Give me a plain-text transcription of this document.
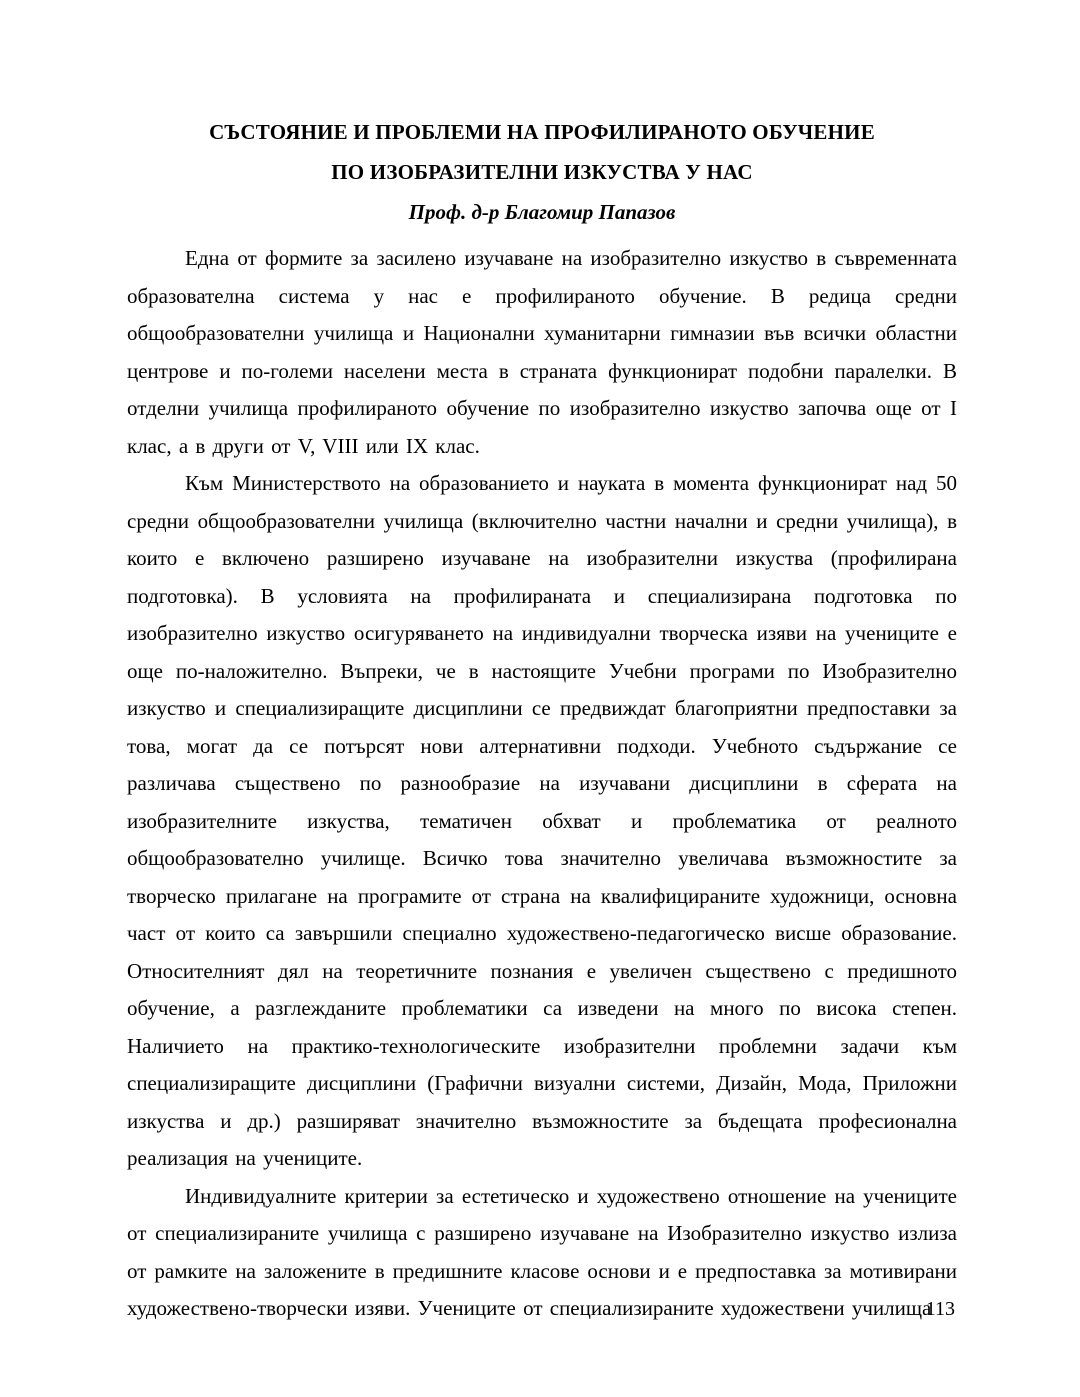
СЪСТОЯНИЕ И ПРОБЛЕМИ НА ПРОФИЛИРАНОТО ОБУЧЕНИЕ
ПО ИЗОБРАЗИТЕЛНИ ИЗКУСТВА У НАС

Проф. д-р Благомир Папазов

Една от формите за засилено изучаване на изобразително изкуство в съвременната образователна система у нас е профилираното обучение. В редица средни общообразователни училища и Национални хуманитарни гимназии във всички областни центрове и по-големи населени места в страната функционират подобни паралелки. В отделни училища профилираното обучение по изобразително изкуство започва още от I клас, а в други от V, VIII или IX клас.

Към Министерството на образованието и науката в момента функционират над 50 средни общообразователни училища (включително частни начални и средни училища), в които е включено разширено изучаване на изобразителни изкуства (профилирана подготовка). В условията на профилираната и специализирана подготовка по изобразително изкуство осигуряването на индивидуални творческа изяви на учениците е още по-наложително. Въпреки, че в настоящите Учебни програми по Изобразително изкуство и специализиращите дисциплини се предвиждат благоприятни предпоставки за това, могат да се потърсят нови алтернативни подходи. Учебното съдържание се различава съществено по разнообразие на изучавани дисциплини в сферата на изобразителните изкуства, тематичен обхват и проблематика от реалното общообразователно училище. Всичко това значително увеличава възможностите за творческо прилагане на програмите от страна на квалифицираните художници, основна част от които са завършили специално художествено-педагогическо висше образование. Относителният дял на теоретичните познания е увеличен съществено с предишното обучение, а разглежданите проблематики са изведени на много по висока степен. Наличието на практико-технологическите изобразителни проблемни задачи към специализиращите дисциплини (Графични визуални системи, Дизайн, Мода, Приложни изкуства и др.) разширяват значително възможностите за бъдещата професионална реализация на учениците.

Индивидуалните критерии за естетическо и художествено отношение на учениците от специализираните училища с разширено изучаване на Изобразително изкуство излиза от рамките на заложените в предишните класове основи и е предпоставка за мотивирани художествено-творчески изяви. Учениците от специализираните художествени училища

113
